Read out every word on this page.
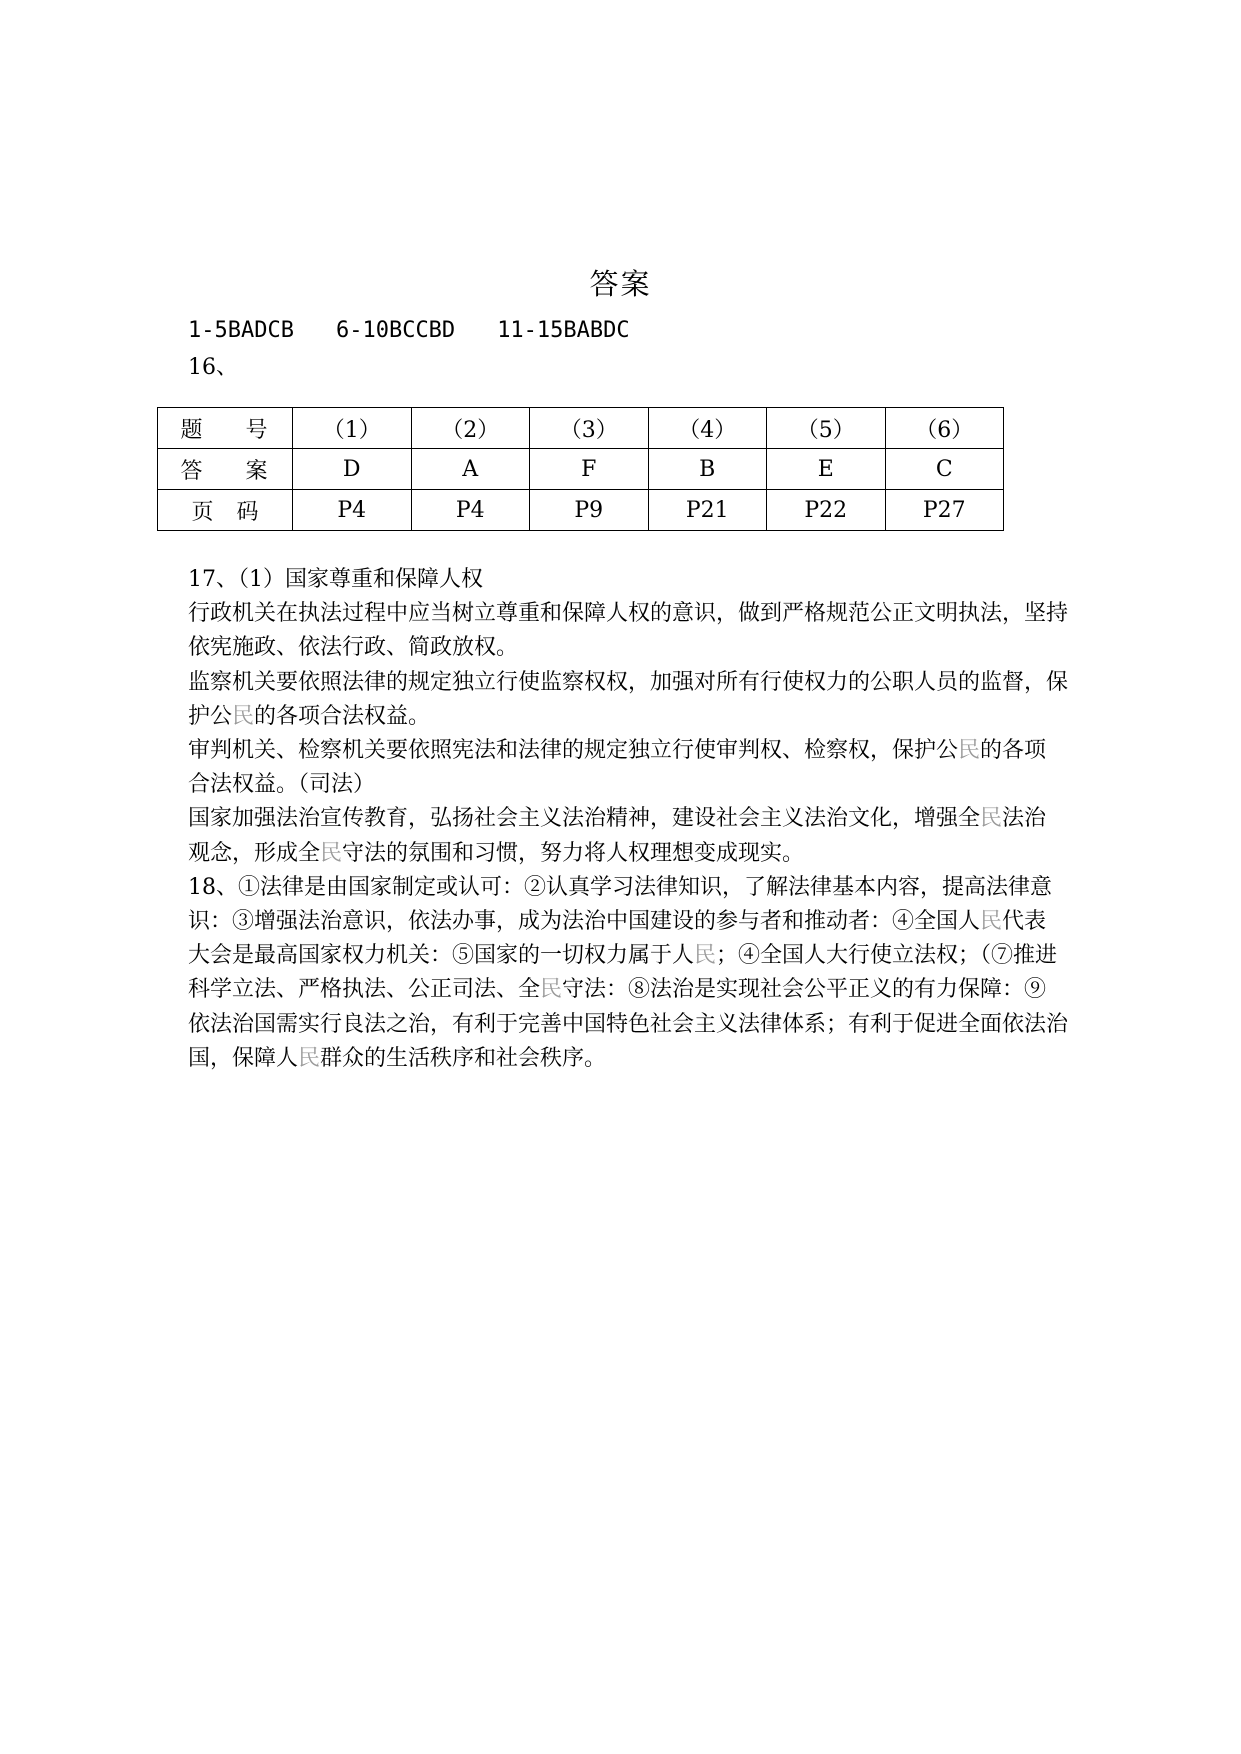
答案
1-5BADCB 6-10BCCBD 11-15BABDC
16、
题 号	（1）	（2）	（3）	（4）	（5）	（6）
答 案	D	A	F	B	E	C
页 码	P4	P4	P9	P21	P22	P27

17、（1）国家尊重和保障人权

行政机关在执法过程中应当树立尊重和保障人权的意识，做到严格规范公正文明执法，坚持依宪施政、依法行政、简政放权。

监察机关要依照法律的规定独立行使监察权权，加强对所有行使权力的公职人员的监督，保护公民的各项合法权益。

审判机关、检察机关要依照宪法和法律的规定独立行使审判权、检察权，保护公民的各项合法权益。（司法）

国家加强法治宣传教育，弘扬社会主义法治精神，建设社会主义法治文化，增强全民法治观念，形成全民守法的氛围和习惯，努力将人权理想变成现实。

18、①法律是由国家制定或认可：②认真学习法律知识，了解法律基本内容，提高法律意识：③增强法治意识，依法办事，成为法治中国建设的参与者和推动者：④全国人民代表大会是最高国家权力机关：⑤国家的一切权力属于人民；④全国人大行使立法权；（⑦推进科学立法、严格执法、公正司法、全民守法：⑧法治是实现社会公平正义的有力保障：⑨依法治国需实行良法之治，有利于完善中国特色社会主义法律体系；有利于促进全面依法治国，保障人民群众的生活秩序和社会秩序。
